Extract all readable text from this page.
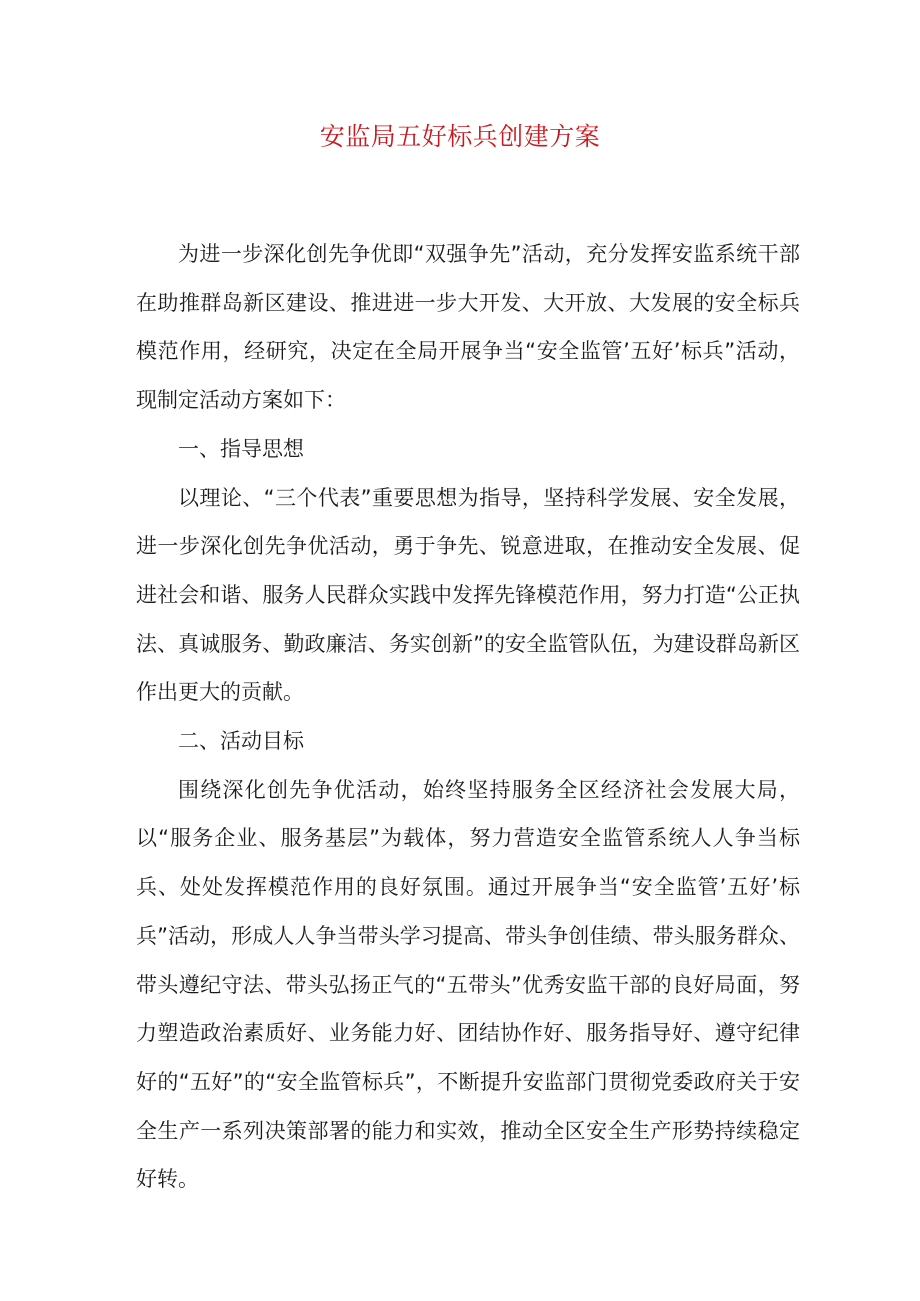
安监局五好标兵创建方案

为进一步深化创先争优即“双强争先”活动，充分发挥安监系统干部在助推群岛新区建设、推进进一步大开发、大开放、大发展的安全标兵模范作用，经研究，决定在全局开展争当“安全监管’五好’标兵”活动，现制定活动方案如下：

一、指导思想

以理论、“三个代表”重要思想为指导，坚持科学发展、安全发展，进一步深化创先争优活动，勇于争先、锐意进取，在推动安全发展、促进社会和谐、服务人民群众实践中发挥先锋模范作用，努力打造“公正执法、真诚服务、勤政廉洁、务实创新”的安全监管队伍，为建设群岛新区作出更大的贡献。

二、活动目标

围绕深化创先争优活动，始终坚持服务全区经济社会发展大局，以“服务企业、服务基层”为载体，努力营造安全监管系统人人争当标兵、处处发挥模范作用的良好氛围。通过开展争当“安全监管’五好’标兵”活动，形成人人争当带头学习提高、带头争创佳绩、带头服务群众、带头遵纪守法、带头弘扬正气的“五带头”优秀安监干部的良好局面，努力塑造政治素质好、业务能力好、团结协作好、服务指导好、遵守纪律好的“五好”的“安全监管标兵”，不断提升安监部门贯彻党委政府关于安全生产一系列决策部署的能力和实效，推动全区安全生产形势持续稳定好转。
